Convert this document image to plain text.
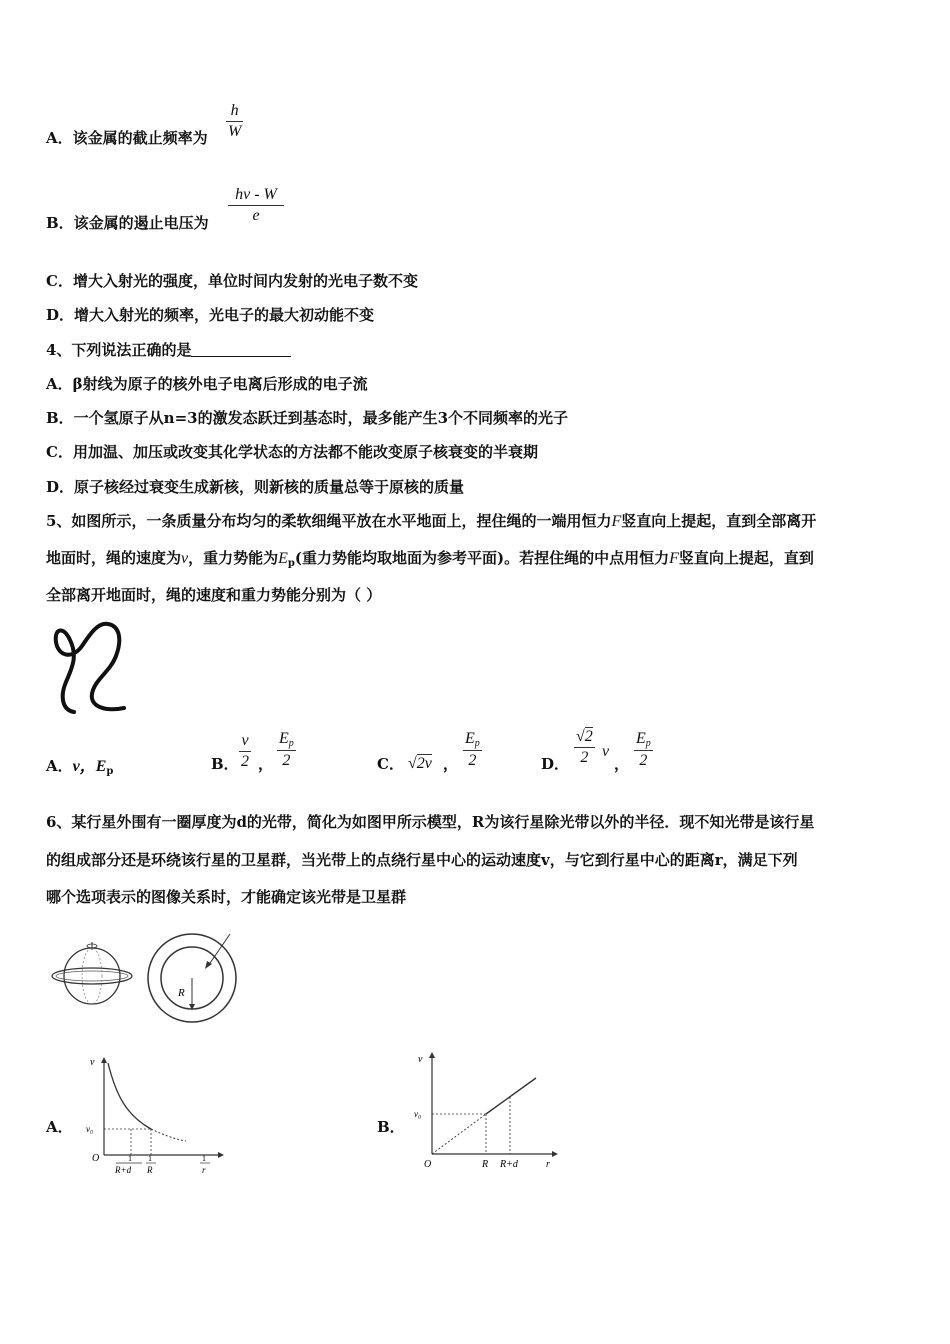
A．该金属的截止频率为
h
W
B．该金属的遏止电压为
hν - W
e
C．增大入射光的强度，单位时间内发射的光电子数不变
D．增大入射光的频率，光电子的最大初动能不变
4、下列说法正确的是
A．β射线为原子的核外电子电离后形成的电子流
B．一个氢原子从n=3的激发态跃迁到基态时，最多能产生3个不同频率的光子
C．用加温、加压或改变其化学状态的方法都不能改变原子核衰变的半衰期
D．原子核经过衰变生成新核，则新核的质量总等于原核的质量
5、如图所示，一条质量分布均匀的柔软细绳平放在水平地面上，捏住绳的一端用恒力F竖直向上提起，直到全部离开
地面时，绳的速度为v，重力势能为$E_p$(重力势能均取地面为参考平面)。若捏住绳的中点用恒力F竖直向上提起，直到
全部离开地面时，绳的速度和重力势能分别为（ ）
A．v，$E_p$	B．
v
2 ，
$E_p$
2	C． √2v ，
$E_p$
2	D．
√2
2 v
，
$E_p$
2
6、某行星外围有一圈厚度为d的光带，简化为如图甲所示模型，R为该行星除光带以外的半径．现不知光带是该行星
的组成部分还是环绕该行星的卫星群，当光带上的点绕行星中心的运动速度v，与它到行星中心的距离r，满足下列
哪个选项表示的图像关系时，才能确定该光带是卫星群
R
A．
v
v₀
O	1
R+d
1
R
1
r
B．
v
v₀
O	R R+d	r
